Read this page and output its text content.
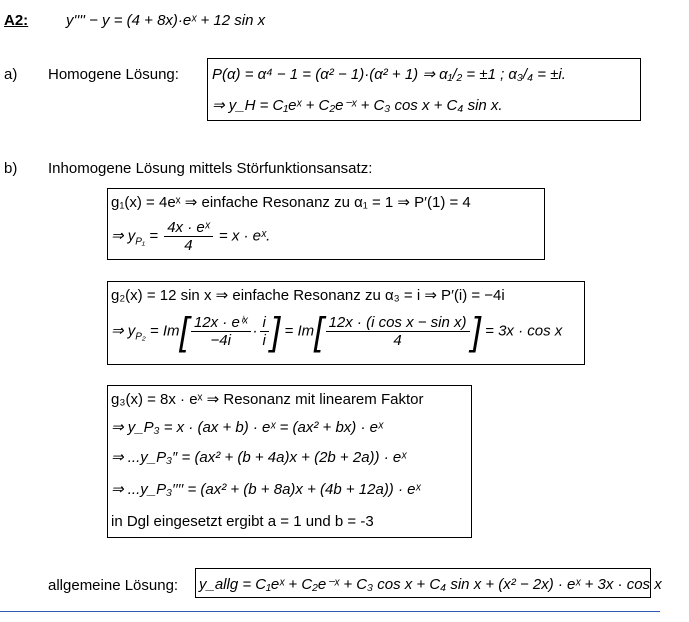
A2:	y'''' − y = (4 + 8x)·eˣ + 12 sin x
a) Homogene Lösung: P(α) = α⁴ − 1 = (α² − 1)·(α² + 1) ⇒ α₁/₂ = ±1 ; α₃/₄ = ±i.
⇒ y_H = C₁eˣ + C₂e⁻ˣ + C₃ cos x + C₄ sin x.
b) Inhomogene Lösung mittels Störfunktionsansatz:
g₁(x) = 4eˣ ⇒ einfache Resonanz zu α₁ = 1 ⇒ P′(1) = 4
⇒ $y_{P_1} = \frac{\text{4x · eˣ}}{4} = x$ · eˣ.
g₂(x) = 12 sin x ⇒ einfache Resonanz zu α₃ = i ⇒ P′(i) = −4i
⇒ $y_{P_2} = Im[ \frac{\text{12x · eⁱˣ}}{-4i} \cdot \frac{i}{i}$ ] = $Im[ \frac{\text{12x · (i cos x − sin x)}}{4}$ ] = 3x · cos x
g₃(x) = 8x · eˣ ⇒ Resonanz mit linearem Faktor
⇒ y_P₃ = x · (ax + b) · eˣ = (ax² + bx) · eˣ
⇒ ...y_P₃″ = (ax² + (b + 4a)x + (2b + 2a)) · eˣ
⇒ ...y_P₃′′′′ = (ax² + (b + 8a)x + (4b + 12a)) · eˣ
in Dgl eingesetzt ergibt a = 1 und b = -3
allgemeine Lösung: y_allg = C₁eˣ + C₂e⁻ˣ + C₃ cos x + C₄ sin x + (x² − 2x) · eˣ + 3x · cos x
